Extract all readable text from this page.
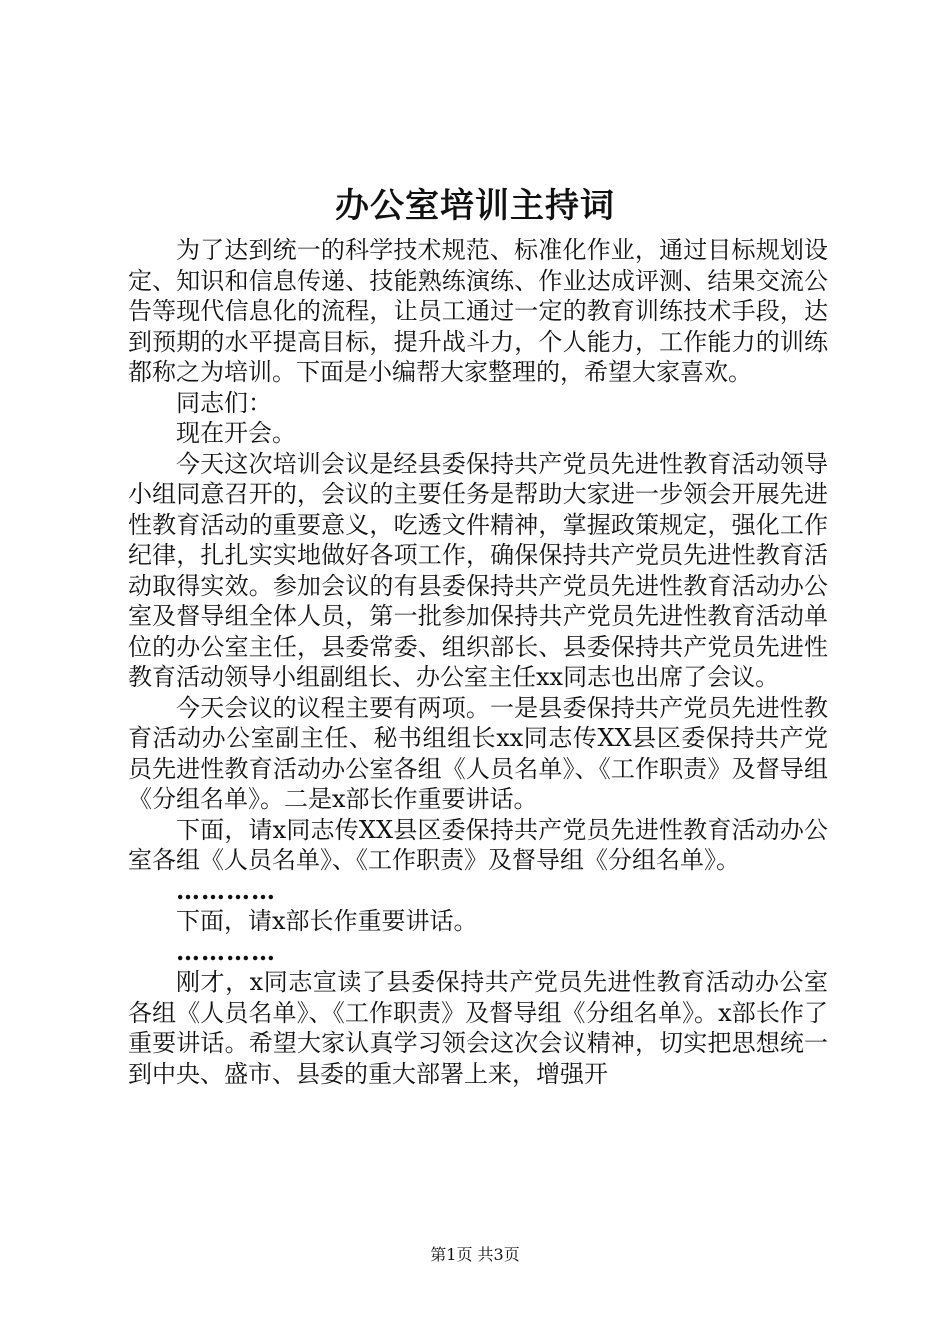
办公室培训主持词

为了达到统一的科学技术规范、标准化作业，通过目标规划设定、知识和信息传递、技能熟练演练、作业达成评测、结果交流公告等现代信息化的流程，让员工通过一定的教育训练技术手段，达到预期的水平提高目标，提升战斗力，个人能力，工作能力的训练都称之为培训。下面是小编帮大家整理的，希望大家喜欢。

同志们：

现在开会。

今天这次培训会议是经县委保持共产党员先进性教育活动领导小组同意召开的，会议的主要任务是帮助大家进一步领会开展先进性教育活动的重要意义，吃透文件精神，掌握政策规定，强化工作纪律，扎扎实实地做好各项工作，确保保持共产党员先进性教育活动取得实效。参加会议的有县委保持共产党员先进性教育活动办公室及督导组全体人员，第一批参加保持共产党员先进性教育活动单位的办公室主任，县委常委、组织部长、县委保持共产党员先进性教育活动领导小组副组长、办公室主任xx同志也出席了会议。

今天会议的议程主要有两项。一是县委保持共产党员先进性教育活动办公室副主任、秘书组组长xx同志传XX县区委保持共产党员先进性教育活动办公室各组《人员名单》、《工作职责》及督导组《分组名单》。二是x部长作重要讲话。

下面，请x同志传XX县区委保持共产党员先进性教育活动办公室各组《人员名单》、《工作职责》及督导组《分组名单》。

…………

下面，请x部长作重要讲话。

…………

刚才，x同志宣读了县委保持共产党员先进性教育活动办公室各组《人员名单》、《工作职责》及督导组《分组名单》。x部长作了重要讲话。希望大家认真学习领会这次会议精神，切实把思想统一到中央、盛市、县委的重大部署上来，增强开

第1页 共3页
